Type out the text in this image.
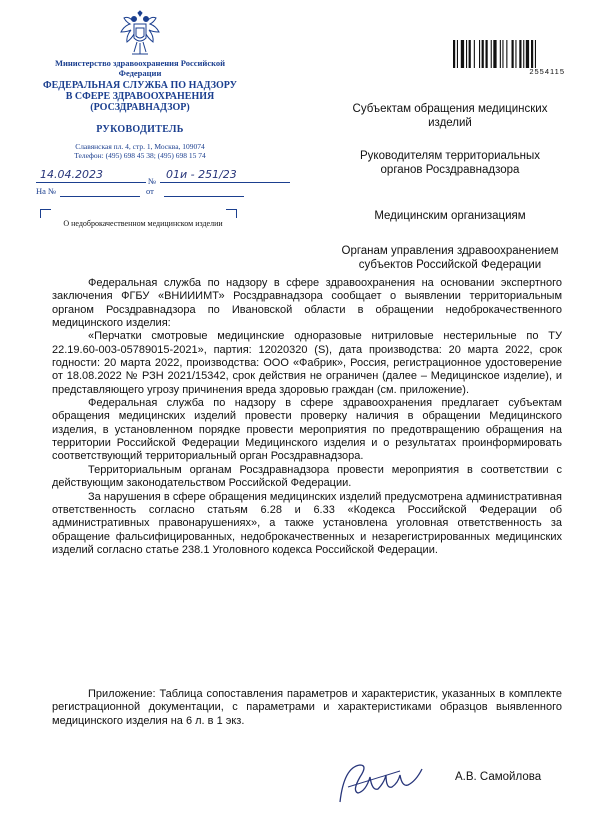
Министерство здравоохранения Российской Федерации
ФЕДЕРАЛЬНАЯ СЛУЖБА ПО НАДЗОРУ
В СФЕРЕ ЗДРАВООХРАНЕНИЯ
(РОСЗДРАВНАДЗОР)
РУКОВОДИТЕЛЬ
Славянская пл. 4, стр. 1, Москва, 109074
Телефон: (495) 698 45 38; (495) 698 15 74
14.04.2023	01и - 251/23
№
На №	от
О недоброкачественном медицинском изделии
2554115
Субъектам обращения медицинских изделий
Руководителям территориальных органов Росздравнадзора
Медицинским организациям
Органам управления здравоохранением субъектов Российской Федерации

Федеральная служба по надзору в сфере здравоохранения на основании экспертного заключения ФГБУ «ВНИИИМТ» Росздравнадзора сообщает о выявлении территориальным органом Росздравнадзора по Ивановской области в обращении недоброкачественного медицинского изделия:

«Перчатки смотровые медицинские одноразовые нитриловые нестерильные по ТУ 22.19.60-003-05789015-2021», партия: 12020320 (S), дата производства: 20 марта 2022, срок годности: 20 марта 2022, производства: ООО «Фабрик», Россия, регистрационное удостоверение от 18.08.2022 № РЗН 2021/15342, срок действия не ограничен (далее – Медицинское изделие), и представляющего угрозу причинения вреда здоровью граждан (см. приложение).

Федеральная служба по надзору в сфере здравоохранения предлагает субъектам обращения медицинских изделий провести проверку наличия в обращении Медицинского изделия, в установленном порядке провести мероприятия по предотвращению обращения на территории Российской Федерации Медицинского изделия и о результатах проинформировать соответствующий территориальный орган Росздравнадзора.

Территориальным органам Росздравнадзора провести мероприятия в соответствии с действующим законодательством Российской Федерации.

За нарушения в сфере обращения медицинских изделий предусмотрена административная ответственность согласно статьям 6.28 и 6.33 «Кодекса Российской Федерации об административных правонарушениях», а также установлена уголовная ответственность за обращение фальсифицированных, недоброкачественных и незарегистрированных медицинских изделий согласно статье 238.1 Уголовного кодекса Российской Федерации.

Приложение: Таблица сопоставления параметров и характеристик, указанных в комплекте регистрационной документации, с параметрами и характеристиками образцов выявленного медицинского изделия на 6 л. в 1 экз.

А.В. Самойлова
